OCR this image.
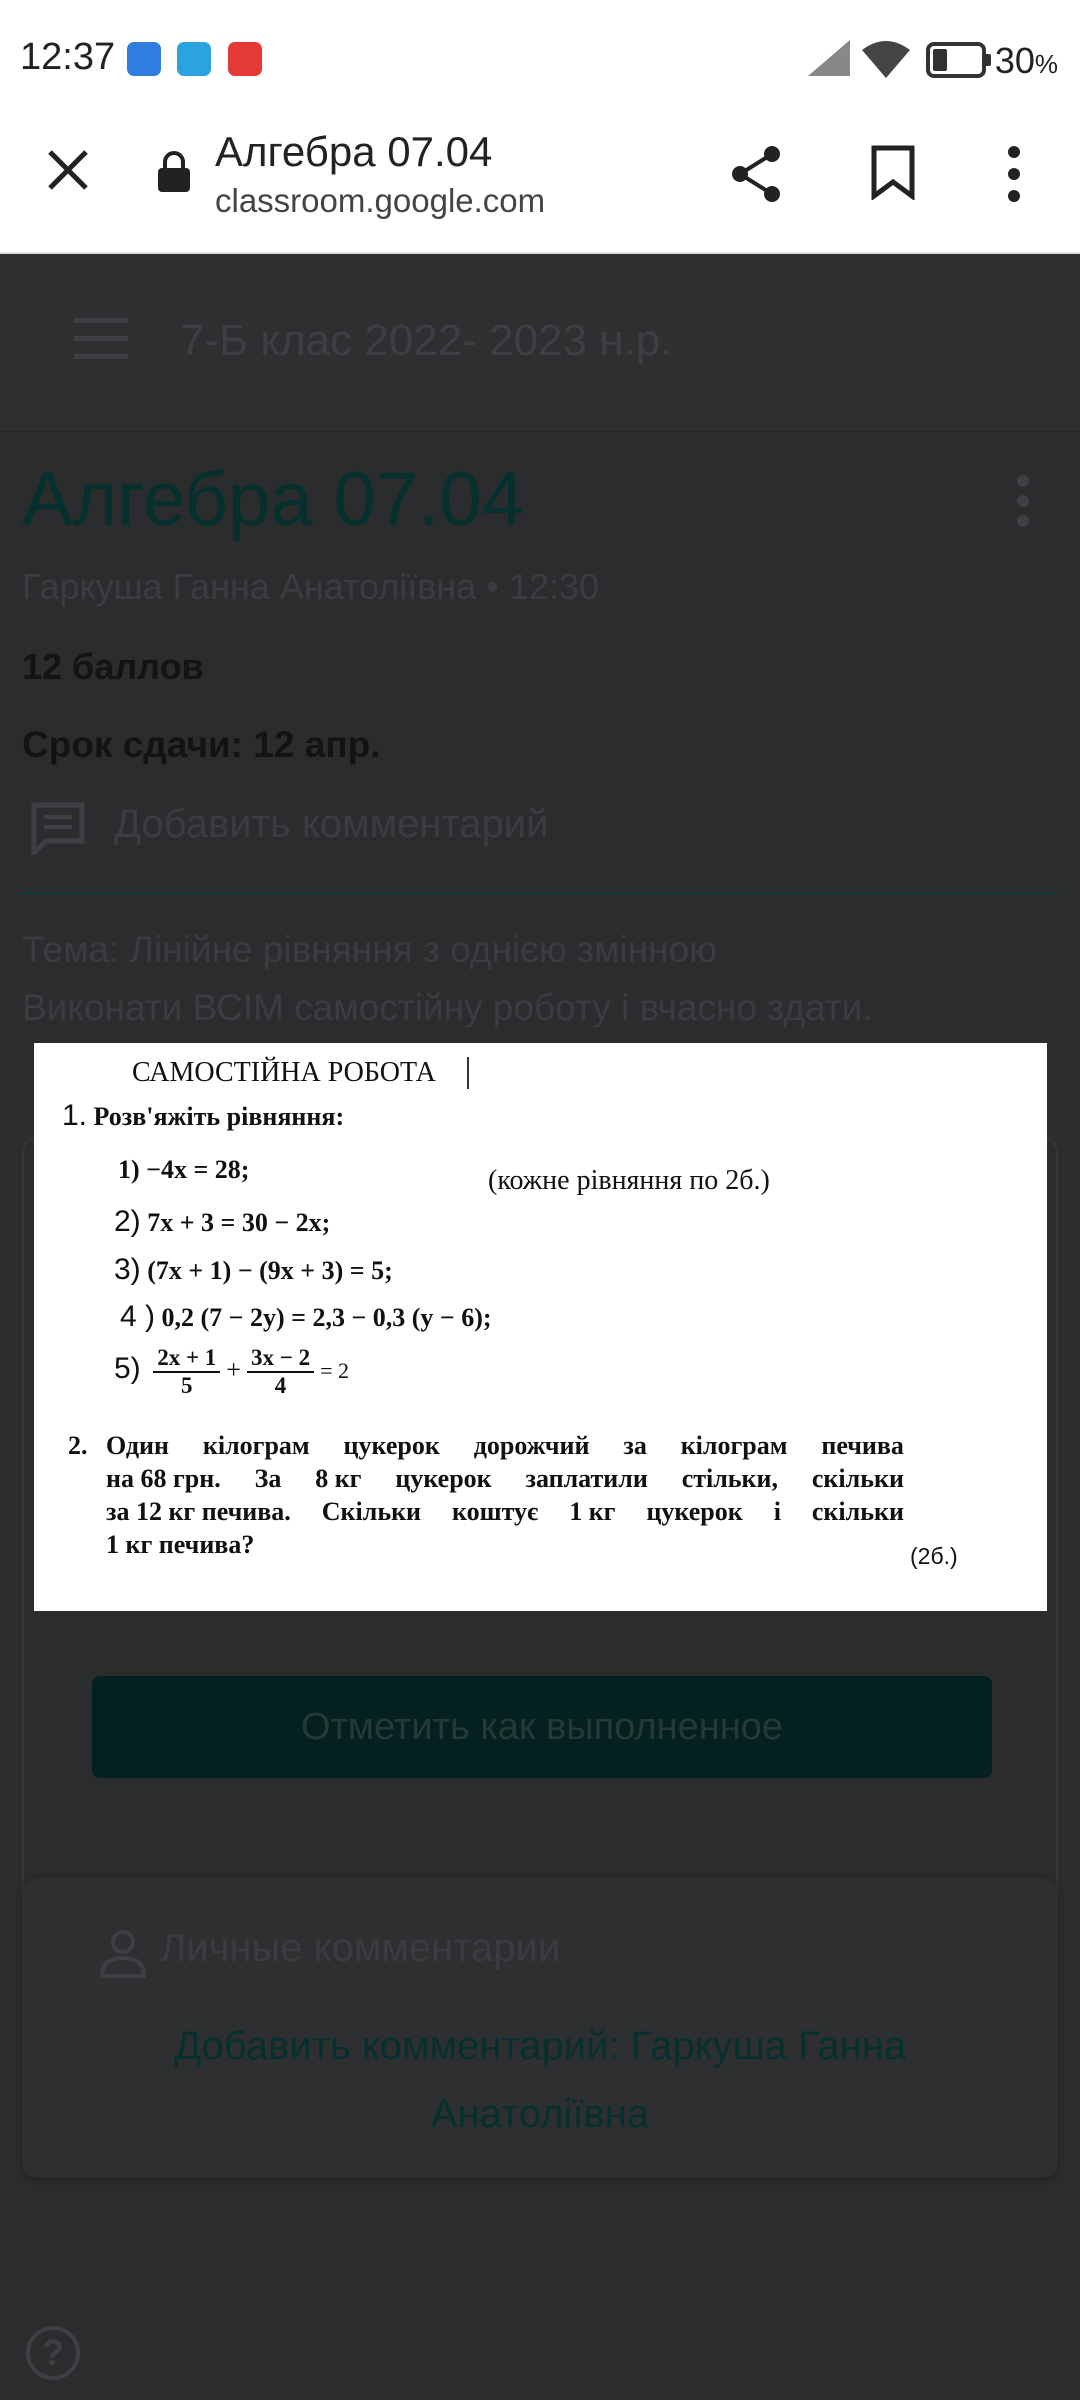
12:37	30%
Алгебра 07.04
classroom.google.com
7-Б клас 2022- 2023 н.р.
Алгебра 07.04
Гаркуша Ганна Анатоліївна • 12:30
12 баллов
Срок сдачи: 12 апр.
Добавить комментарий
Тема: Лінійне рівняння з однією змінною
Виконати ВСІМ самостійну роботу і вчасно здати.
Отметить как выполненное
Личные комментарии
Добавить комментарий: Гаркуша Ганна Анатоліївна
?
САМОСТІЙНА РОБОТА
1. Розв'яжіть рівняння:
(кожне рівняння по 2б.)
1) −4x = 28;
2) 7x + 3 = 30 − 2x;
3) (7x + 1) − (9x + 3) = 5;
4 ) 0,2 (7 − 2y) = 2,3 − 0,3 (y − 6);
$5) \frac{2x + 1}{5} + \frac{3x - 2}{4} = 2$
2. Один кілограм цукерок дорожчий за кілограм печива
на 68 грн. За 8 кг цукерок заплатили стільки, скільки
за 12 кг печива. Скільки коштує 1 кг цукерок і скільки
1 кг печива?	(2б.)
